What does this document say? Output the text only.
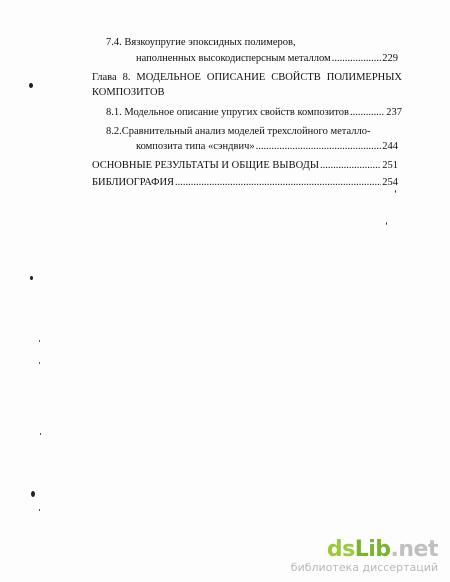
7.4. Вязкоупругие эпоксидных полимеров,
наполненных высокодисперсным металлом .....	229
Глава 8. МОДЕЛЬНОЕ ОПИСАНИЕ СВОЙСТВ ПОЛИМЕРНЫХ
КОМПОЗИТОВ
8.1. Модельное описание упругих свойств композитов .....	237
8.2.Сравнительный анализ моделей трехслойного металло-
композита типа «сэндвич» .....	244
ОСНОВНЫЕ РЕЗУЛЬТАТЫ И ОБЩИЕ ВЫВОДЫ .....	251
БИБЛИОГРАФИЯ .....	254
dsLib.net
библиотека диссертаций
